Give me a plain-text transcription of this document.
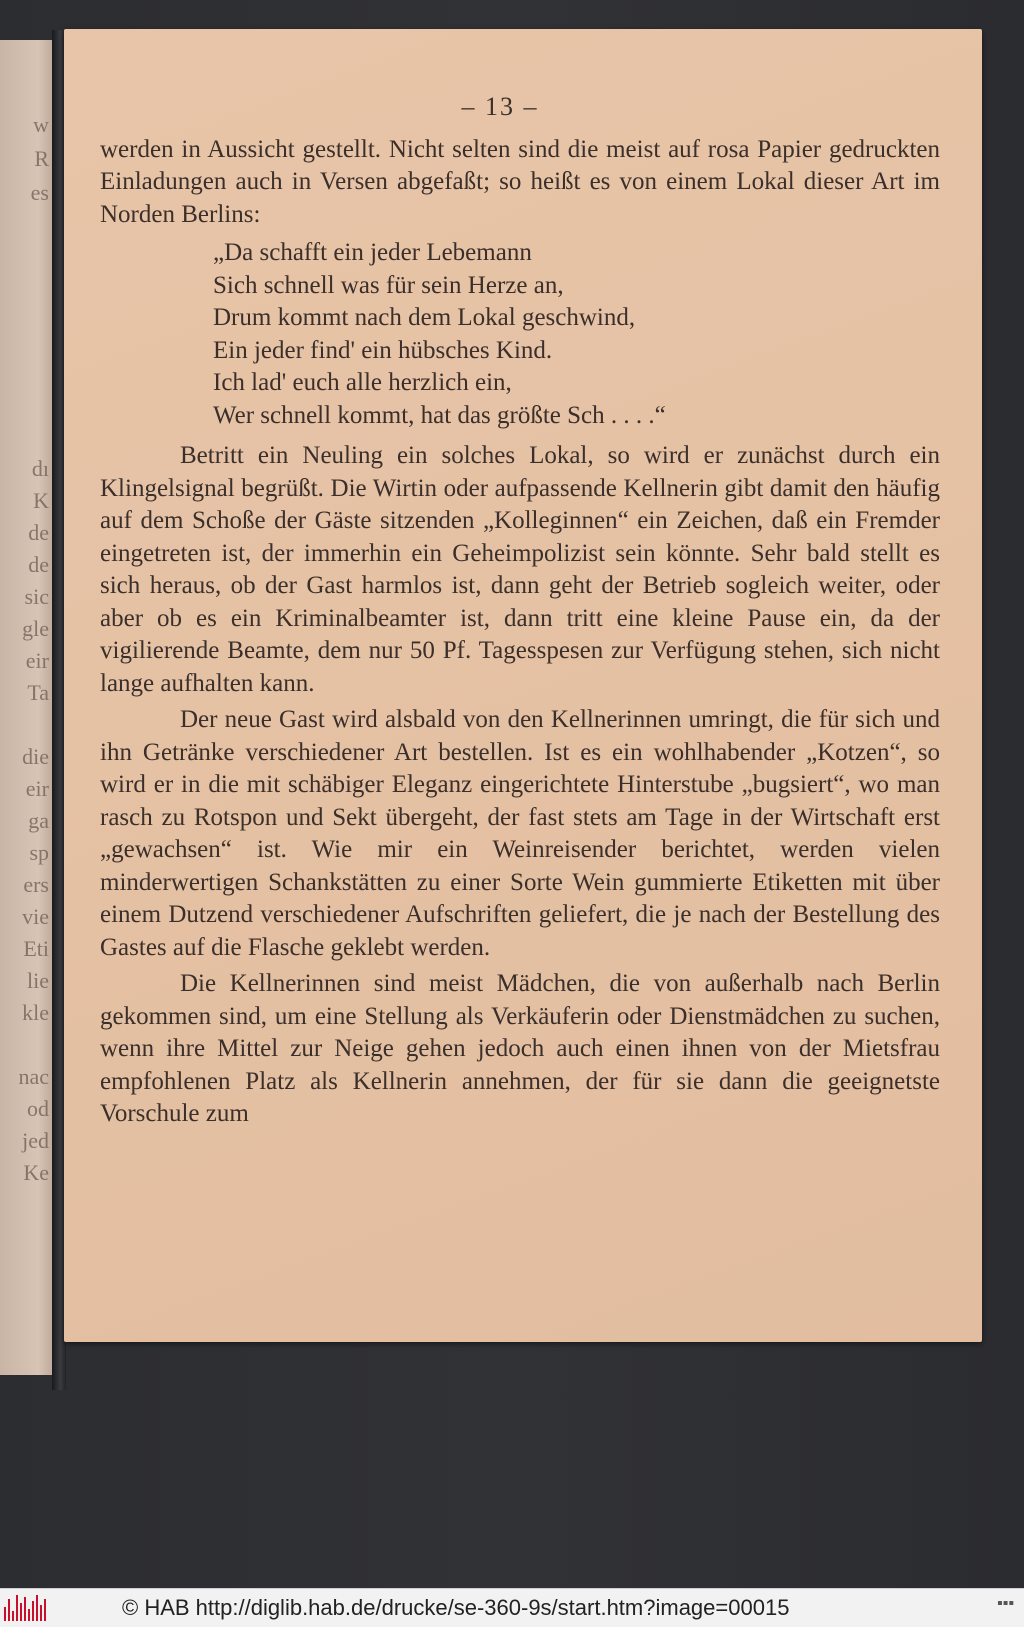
w
R
es
dı
K
de
de
sic
gle
eir
Ta
die
eir
ga
sp
ers
vie
Eti
lie
kle
nac
od
jed
Ke
– 13 –

werden in Aussicht gestellt. Nicht selten sind die meist auf rosa Papier gedruckten Einladungen auch in Versen abgefaßt; so heißt es von einem Lokal dieser Art im Norden Berlins:

„Da schafft ein jeder Lebemann
Sich schnell was für sein Herze an,
Drum kommt nach dem Lokal geschwind,
Ein jeder find' ein hübsches Kind.
Ich lad' euch alle herzlich ein,
Wer schnell kommt, hat das größte Sch . . . .“

Betritt ein Neuling ein solches Lokal, so wird er zunächst durch ein Klingelsignal begrüßt. Die Wirtin oder aufpassende Kellnerin gibt damit den häufig auf dem Schoße der Gäste sitzenden „Kolleginnen“ ein Zeichen, daß ein Fremder eingetreten ist, der immerhin ein Geheimpolizist sein könnte. Sehr bald stellt es sich heraus, ob der Gast harmlos ist, dann geht der Betrieb sogleich weiter, oder aber ob es ein Kriminalbeamter ist, dann tritt eine kleine Pause ein, da der vigilierende Beamte, dem nur 50 Pf. Tagesspesen zur Verfügung stehen, sich nicht lange aufhalten kann.

Der neue Gast wird alsbald von den Kellnerinnen umringt, die für sich und ihn Getränke verschiedener Art bestellen. Ist es ein wohlhabender „Kotzen“, so wird er in die mit schäbiger Eleganz eingerichtete Hinterstube „bugsiert“, wo man rasch zu Rotspon und Sekt übergeht, der fast stets am Tage in der Wirtschaft erst „gewachsen“ ist. Wie mir ein Weinreisender berichtet, werden vielen minderwertigen Schankstätten zu einer Sorte Wein gummierte Etiketten mit über einem Dutzend verschiedener Aufschriften geliefert, die je nach der Bestellung des Gastes auf die Flasche geklebt werden.

Die Kellnerinnen sind meist Mädchen, die von außerhalb nach Berlin gekommen sind, um eine Stellung als Verkäuferin oder Dienstmädchen zu suchen, wenn ihre Mittel zur Neige gehen jedoch auch einen ihnen von der Mietsfrau empfohlenen Platz als Kellnerin annehmen, der für sie dann die geeignetste Vorschule zum

© HAB http://diglib.hab.de/drucke/se-360-9s/start.htm?image=00015	▪▪▪
